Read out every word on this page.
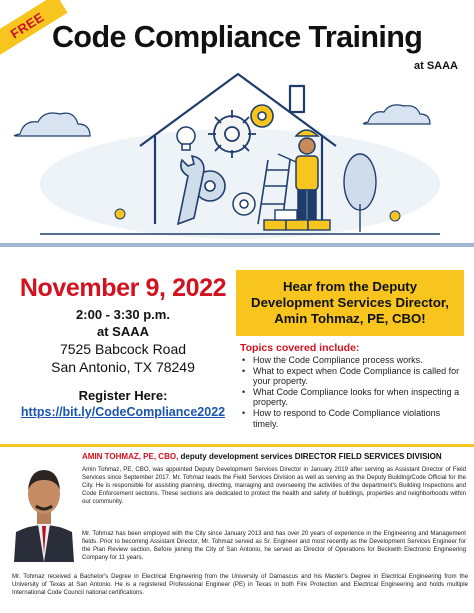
FREE Code Compliance Training
at SAAA
November 9, 2022
2:00 - 3:30 p.m.
at SAAA
7525 Babcock Road
San Antonio, TX 78249
Register Here:
https://bit.ly/CodeCompliance2022
Hear from the Deputy
Development Services Director,
Amin Tohmaz, PE, CBO!
Topics covered include:
• How the Code Compliance process works.
• What to expect when Code Compliance is called for your property.
• What Code Compliance looks for when inspecting a property.
• How to respond to Code Compliance violations timely.
AMIN TOHMAZ, PE, CBO, deputy development services DIRECTOR FIELD SERVICES DIVISION

Amin Tohmaz, PE, CBO, was appointed Deputy Development Services Director in January 2019 after serving as Assistant Director of Field Services since September 2017. Mr. Tohmaz leads the Field Services Division as well as serving as the Deputy Building/Code Official for the City. He is responsible for assisting planning, directing, managing and overseeing the activities of the department's Building Inspections and Code Enforcement sections. These sections are dedicated to protect the health and safety of buildings, properties and neighborhoods within our community.

Mr. Tohmaz has been employed with the City since January 2013 and has over 20 years of experience in the Engineering and Management fields. Prior to becoming Assistant Director, Mr. Tohmaz served as Sr. Engineer and most recently as the Development Services Engineer for the Plan Review section. Before joining the City of San Antonio, he served as Director of Operations for Beckwith Electronic Engineering Company for 11 years.

Mr. Tohmaz received a Bachelor's Degree in Electrical Engineering from the University of Damascus and his Master's Degree in Electrical Engineering from the University of Texas at San Antonio. He is a registered Professional Engineer (PE) in Texas in both Fire Protection and Electrical Engineering and holds multiple International Code Council national certifications.
